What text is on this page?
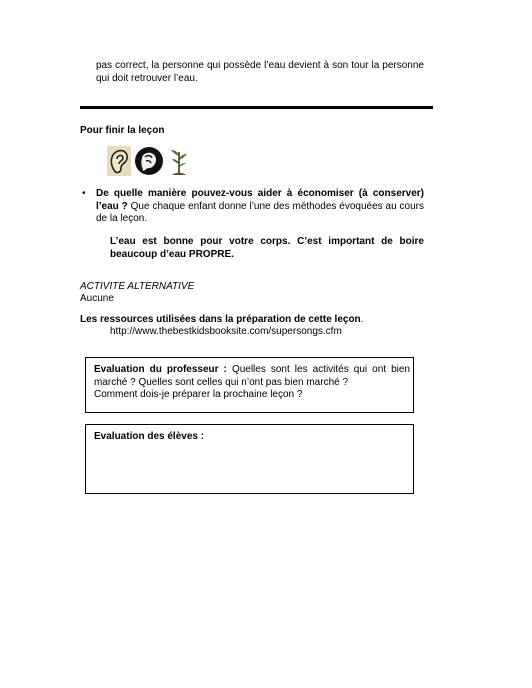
pas correct, la personne qui possède l’eau devient à son tour la personne qui doit retrouver l’eau.
Pour finir la leçon
• De quelle manière pouvez-vous aider à économiser (à conserver) l’eau ? Que chaque enfant donne l’une des méthodes évoquées au cours de la leçon.
L’eau est bonne pour votre corps. C’est important de boire beaucoup d’eau PROPRE.
ACTIVITE ALTERNATIVE
Aucune
Les ressources utilisées dans la préparation de cette leçon.
http://www.thebestkidsbooksite.com/supersongs.cfm
Evaluation du professeur : Quelles sont les activités qui ont bien marché ? Quelles sont celles qui n’ont pas bien marché ?
Comment dois-je préparer la prochaine leçon ?
Evaluation des élèves :
